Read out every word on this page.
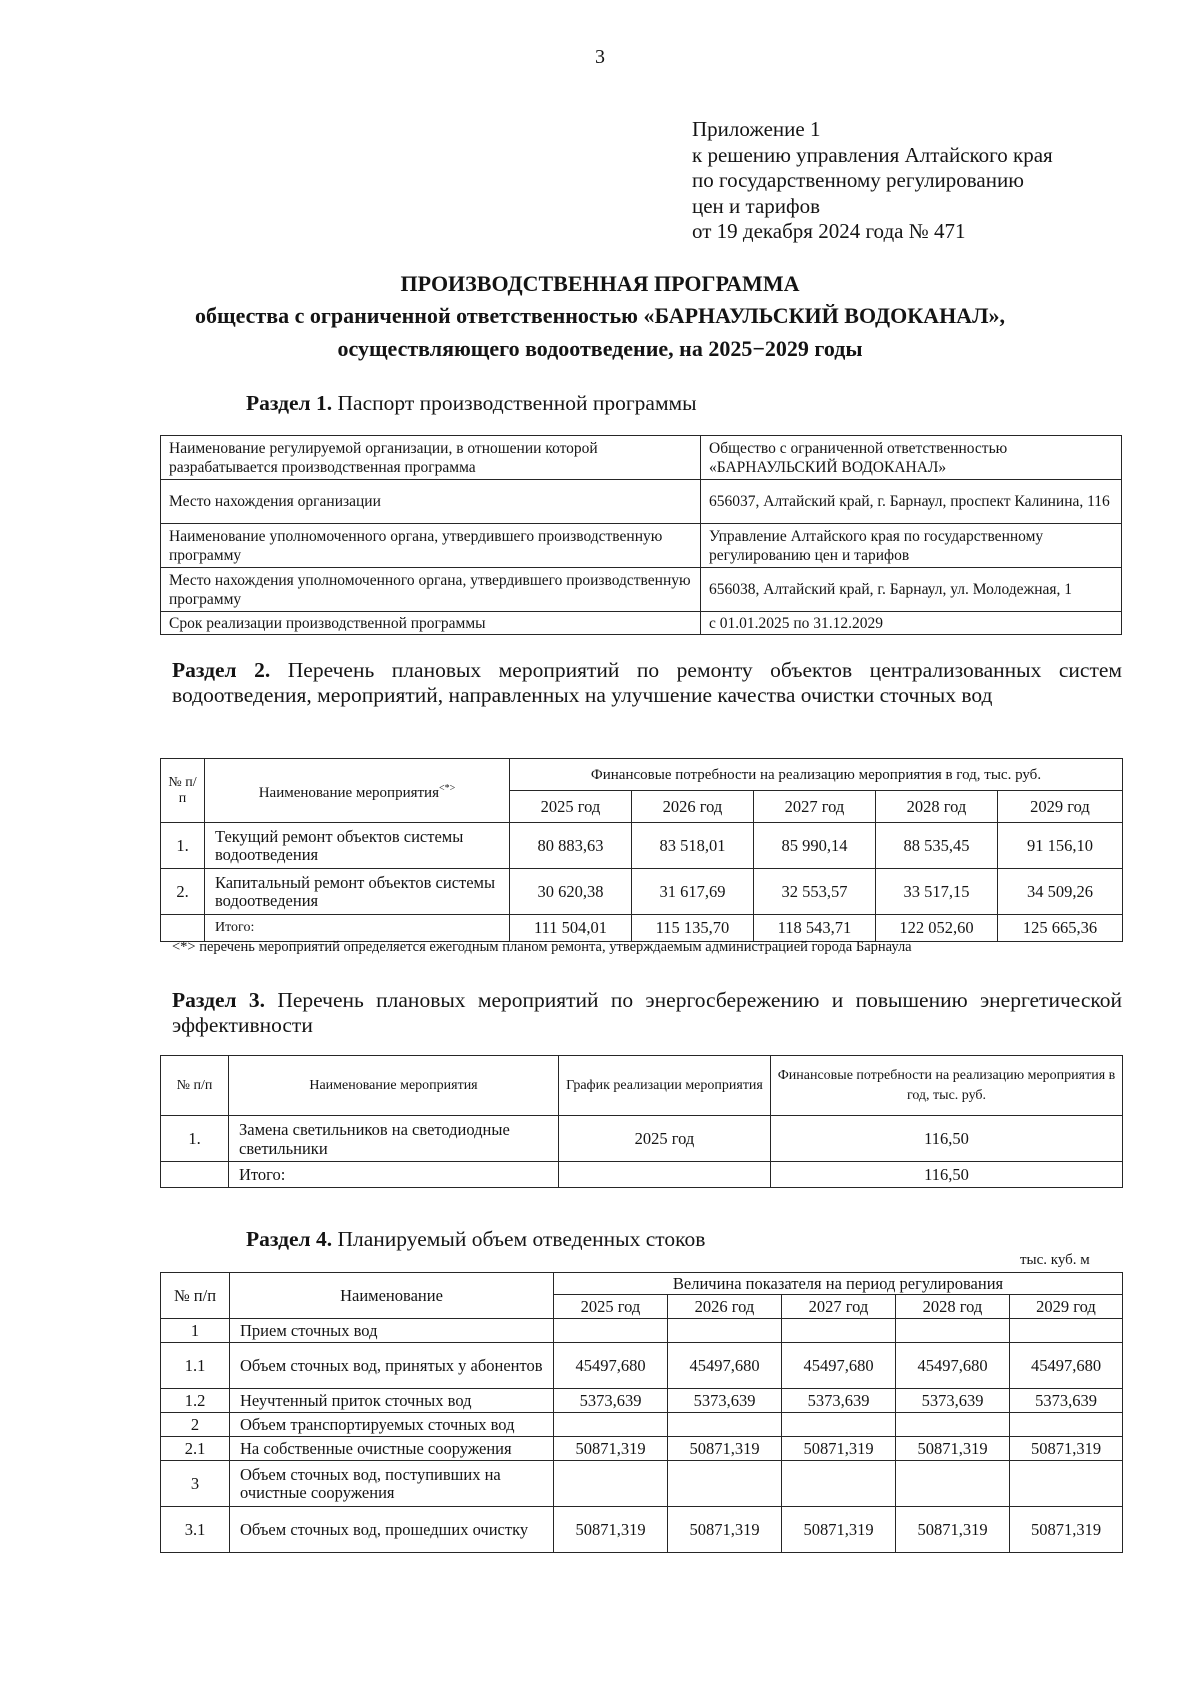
3
Приложение 1
к решению управления Алтайского края
по государственному регулированию
цен и тарифов
от 19 декабря 2024 года № 471
ПРОИЗВОДСТВЕННАЯ ПРОГРАММА
общества с ограниченной ответственностью «БАРНАУЛЬСКИЙ ВОДОКАНАЛ»,
осуществляющего водоотведение, на 2025−2029 годы
Раздел 1. Паспорт производственной программы
Наименование регулируемой организации, в отношении которой разрабатывается производственная программа	Общество с ограниченной ответственностью «БАРНАУЛЬСКИЙ ВОДОКАНАЛ»
Место нахождения организации	656037, Алтайский край, г. Барнаул, проспект Калинина, 116
Наименование уполномоченного органа, утвердившего производственную программу	Управление Алтайского края по государственному регулированию цен и тарифов
Место нахождения уполномоченного органа, утвердившего производственную программу	656038, Алтайский край, г. Барнаул, ул. Молодежная, 1
Срок реализации производственной программы	с 01.01.2025 по 31.12.2029
Раздел 2. Перечень плановых мероприятий по ремонту объектов централизованных систем водоотведения, мероприятий, направленных на улучшение качества очистки сточных вод
№ п/п	Наименование мероприятия<*>	Финансовые потребности на реализацию мероприятия в год, тыс. руб.				
		2025 год	2026 год	2027 год	2028 год	2029 год
1.	Текущий ремонт объектов системы водоотведения	80 883,63	83 518,01	85 990,14	88 535,45	91 156,10
2.	Капитальный ремонт объектов системы водоотведения	30 620,38	31 617,69	32 553,57	33 517,15	34 509,26
	Итого:	111 504,01	115 135,70	118 543,71	122 052,60	125 665,36
<*> перечень мероприятий определяется ежегодным планом ремонта, утверждаемым администрацией города Барнаула
Раздел 3. Перечень плановых мероприятий по энергосбережению и повышению энергетической эффективности
№ п/п	Наименование мероприятия	График реализации мероприятия	Финансовые потребности на реализацию мероприятия в год, тыс. руб.
1.	Замена светильников на светодиодные светильники	2025 год	116,50
	Итого:		116,50
Раздел 4. Планируемый объем отведенных стоков
тыс. куб. м
№ п/п	Наименование	Величина показателя на период регулирования				
		2025 год	2026 год	2027 год	2028 год	2029 год
1	Прием сточных вод					
1.1	Объем сточных вод, принятых у абонентов	45497,680	45497,680	45497,680	45497,680	45497,680
1.2	Неучтенный приток сточных вод	5373,639	5373,639	5373,639	5373,639	5373,639
2	Объем транспортируемых сточных вод					
2.1	На собственные очистные сооружения	50871,319	50871,319	50871,319	50871,319	50871,319
3	Объем сточных вод, поступивших на очистные сооружения					
3.1	Объем сточных вод, прошедших очистку	50871,319	50871,319	50871,319	50871,319	50871,319
